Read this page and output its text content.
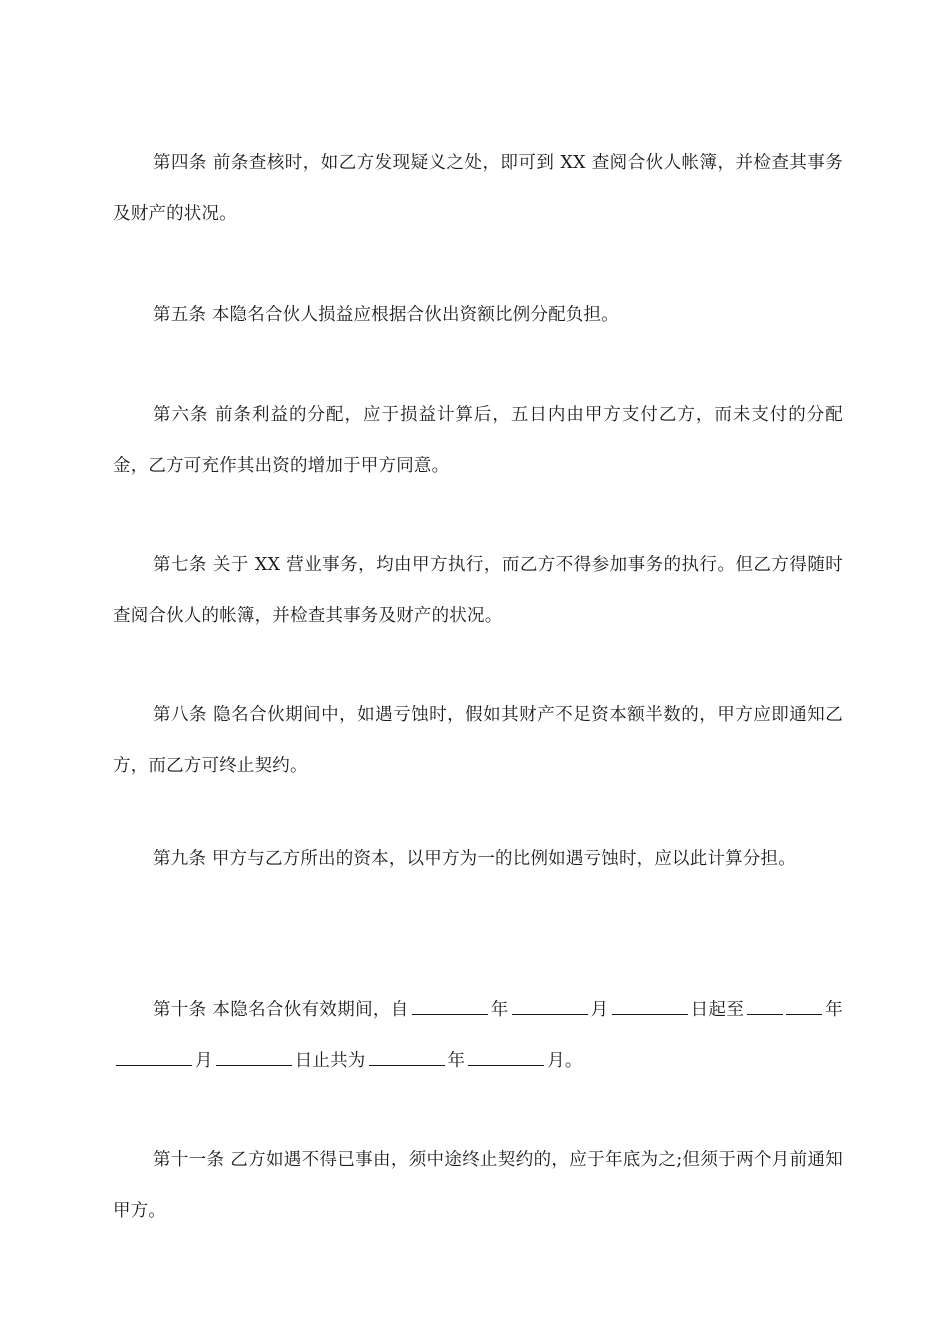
第四条 前条查核时，如乙方发现疑义之处，即可到 XX 查阅合伙人帐簿，并检查其事务及财产的状况。

第五条 本隐名合伙人损益应根据合伙出资额比例分配负担。

第六条 前条利益的分配，应于损益计算后，五日内由甲方支付乙方，而未支付的分配金，乙方可充作其出资的增加于甲方同意。

第七条 关于 XX 营业事务，均由甲方执行，而乙方不得参加事务的执行。但乙方得随时查阅合伙人的帐簿，并检查其事务及财产的状况。

第八条 隐名合伙期间中，如遇亏蚀时，假如其财产不足资本额半数的，甲方应即通知乙方，而乙方可终止契约。

第九条 甲方与乙方所出的资本，以甲方为一的比例如遇亏蚀时，应以此计算分担。

第十条 本隐名合伙有效期间，自	年	月	日起至	年月	日止共为	年	月。

第十一条 乙方如遇不得已事由，须中途终止契约的，应于年底为之;但须于两个月前通知甲方。
